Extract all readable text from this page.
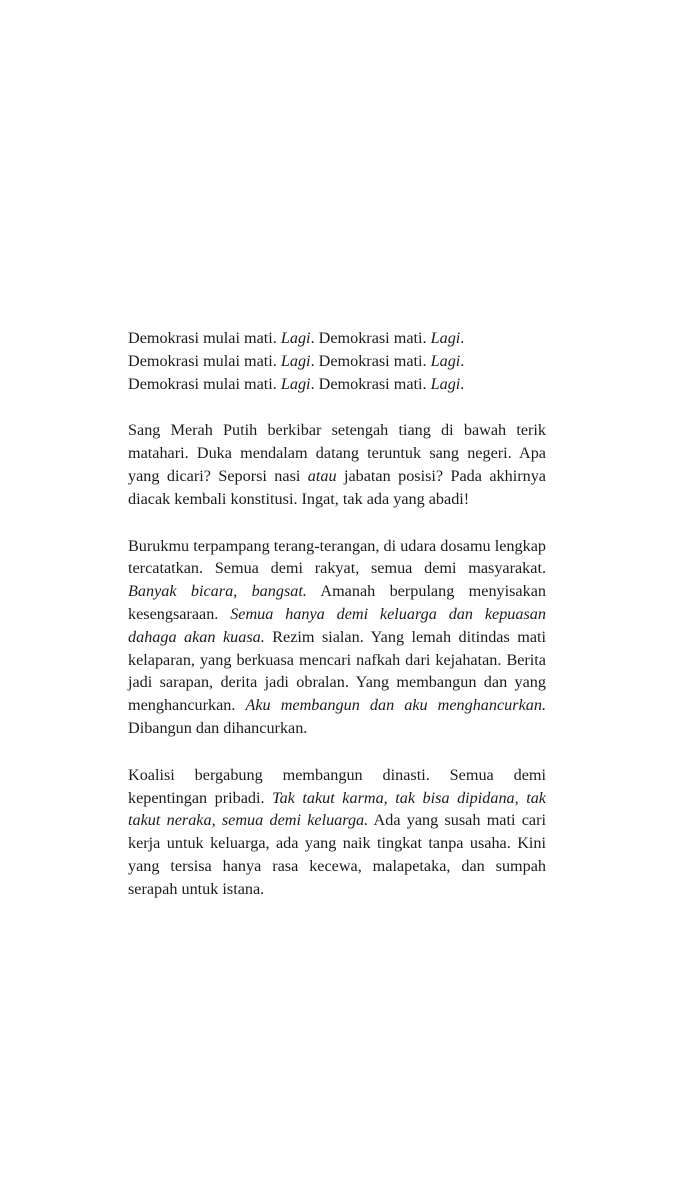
Demokrasi mulai mati. Lagi. Demokrasi mati. Lagi.
Demokrasi mulai mati. Lagi. Demokrasi mati. Lagi.
Demokrasi mulai mati. Lagi. Demokrasi mati. Lagi.

Sang Merah Putih berkibar setengah tiang di bawah terik matahari. Duka mendalam datang teruntuk sang negeri. Apa yang dicari? Seporsi nasi atau jabatan posisi? Pada akhirnya diacak kembali konstitusi. Ingat, tak ada yang abadi!

Burukmu terpampang terang-terangan, di udara dosamu lengkap tercatatkan. Semua demi rakyat, semua demi masyarakat. Banyak bicara, bangsat. Amanah berpulang menyisakan kesengsaraan. Semua hanya demi keluarga dan kepuasan dahaga akan kuasa. Rezim sialan. Yang lemah ditindas mati kelaparan, yang berkuasa mencari nafkah dari kejahatan. Berita jadi sarapan, derita jadi obralan. Yang membangun dan yang menghancurkan. Aku membangun dan aku menghancurkan. Dibangun dan dihancurkan.

Koalisi bergabung membangun dinasti. Semua demi kepentingan pribadi. Tak takut karma, tak bisa dipidana, tak takut neraka, semua demi keluarga. Ada yang susah mati cari kerja untuk keluarga, ada yang naik tingkat tanpa usaha. Kini yang tersisa hanya rasa kecewa, malapetaka, dan sumpah serapah untuk istana.
